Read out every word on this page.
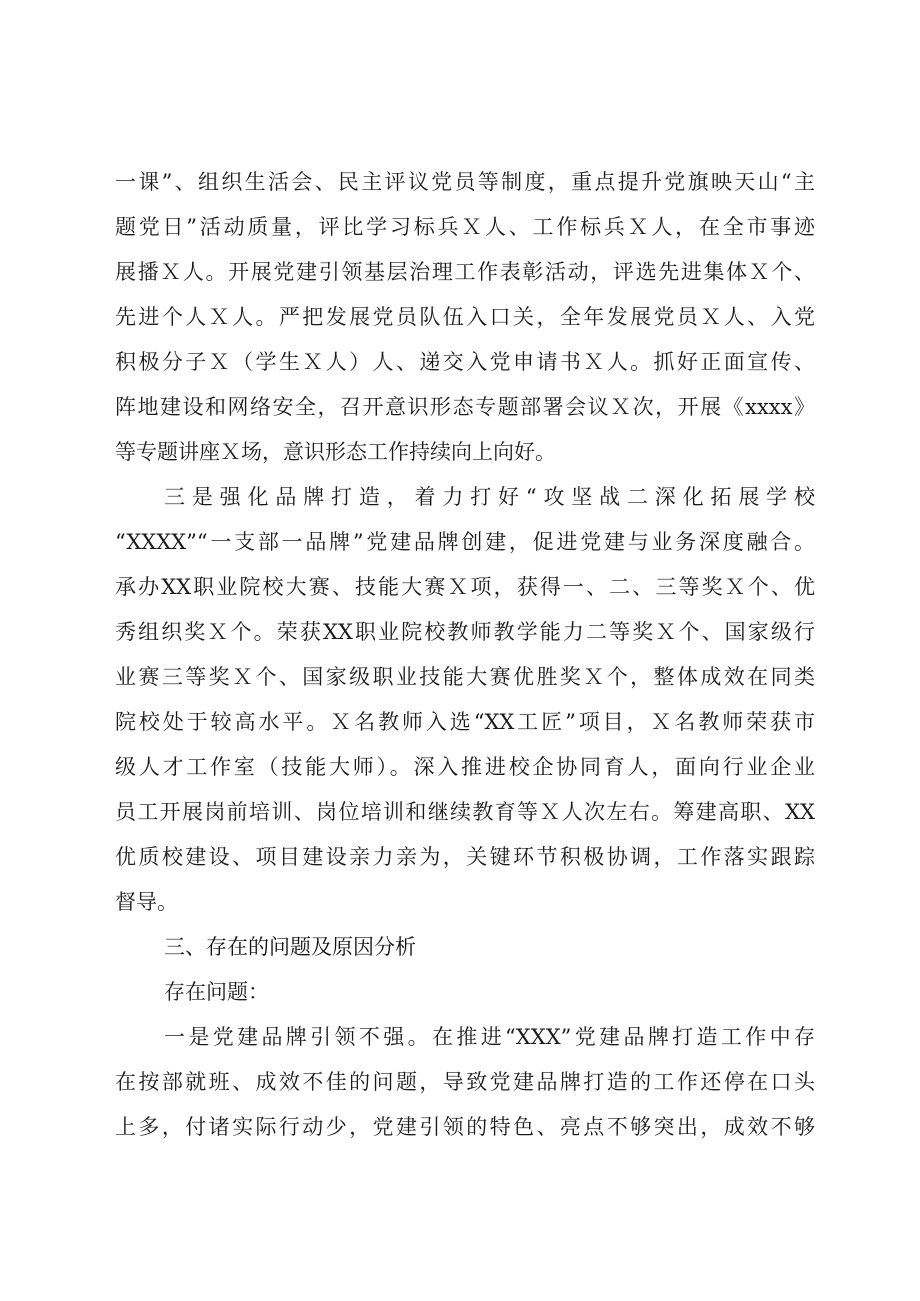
一课”、组织生活会、民主评议党员等制度，重点提升党旗映天山“主
题党日”活动质量，评比学习标兵Ｘ人、工作标兵Ｘ人，在全市事迹
展播Ｘ人。开展党建引领基层治理工作表彰活动，评选先进集体Ｘ个、
先进个人Ｘ人。严把发展党员队伍入口关，全年发展党员Ｘ人、入党
积极分子Ｘ（学生Ｘ人）人、递交入党申请书Ｘ人。抓好正面宣传、
阵地建设和网络安全，召开意识形态专题部署会议Ｘ次，开展《xxxx》
等专题讲座Ｘ场，意识形态工作持续向上向好。
三是强化品牌打造，着力打好“攻坚战二深化拓展学校
“XXXX”“一支部一品牌”党建品牌创建，促进党建与业务深度融合。
承办XX职业院校大赛、技能大赛Ｘ项，获得一、二、三等奖Ｘ个、优
秀组织奖Ｘ个。荣获XX职业院校教师教学能力二等奖Ｘ个、国家级行
业赛三等奖Ｘ个、国家级职业技能大赛优胜奖Ｘ个，整体成效在同类
院校处于较高水平。Ｘ名教师入选“XX工匠”项目，Ｘ名教师荣获市
级人才工作室（技能大师）。深入推进校企协同育人，面向行业企业
员工开展岗前培训、岗位培训和继续教育等Ｘ人次左右。筹建高职、XX
优质校建设、项目建设亲力亲为，关键环节积极协调，工作落实跟踪
督导。
三、存在的问题及原因分析
存在问题：
一是党建品牌引领不强。在推进“XXX”党建品牌打造工作中存
在按部就班、成效不佳的问题，导致党建品牌打造的工作还停在口头
上多，付诸实际行动少，党建引领的特色、亮点不够突出，成效不够
